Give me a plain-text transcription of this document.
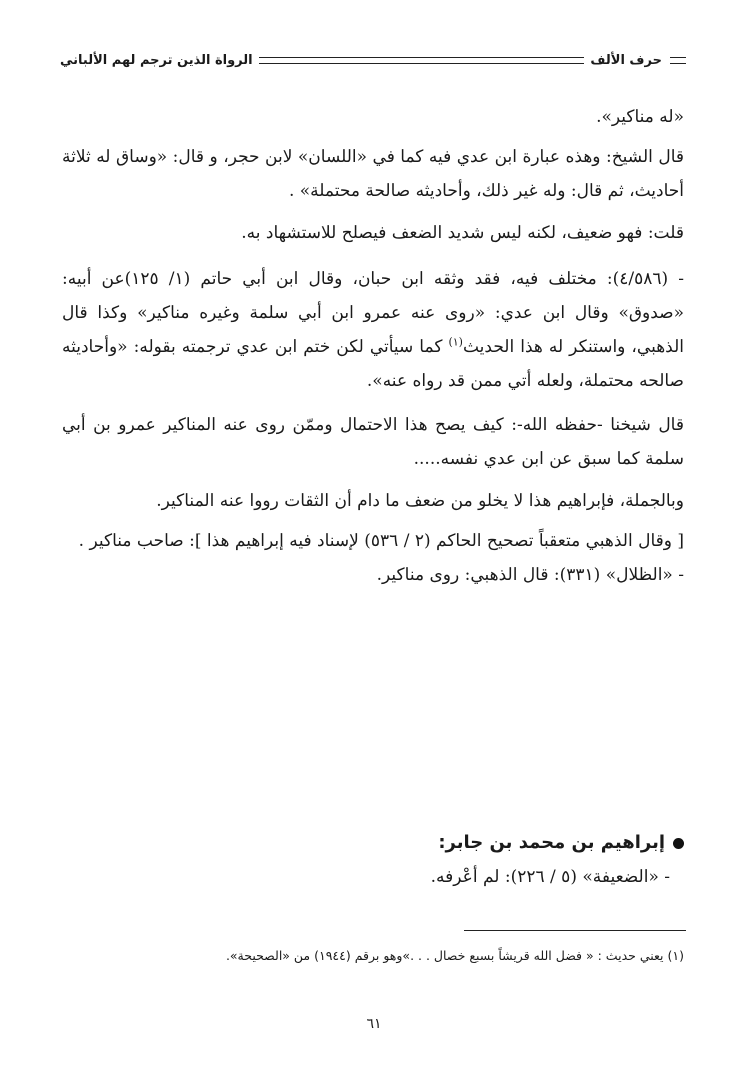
حرف الألف
الرواة الذين ترجم لهم الألباني

«له مناكير».

قال الشيخ: وهذه عبارة ابن عدي فيه كما في «اللسان» لابن حجر، و قال: «وساق له ثلاثة أحاديث، ثم قال: وله غير ذلك، وأحاديثه صالحة محتملة» .

قلت: فهو ضعيف، لكنه ليس شديد الضعف فيصلح للاستشهاد به.

- (٤/٥٨٦): مختلف فيه، فقد وثقه ابن حبان، وقال ابن أبي حاتم (١/ ١٢٥)عن أبيه: «صدوق» وقال ابن عدي: «روى عنه عمرو ابن أبي سلمة وغيره مناكير» وكذا قال الذهبي، واستنكر له هذا الحديث$^{(١)}$ كما سيأتي لكن ختم ابن عدي ترجمته بقوله: «وأحاديثه صالحه محتملة، ولعله أتي ممن قد رواه عنه».

قال شيخنا -حفظه الله-: كيف يصح هذا الاحتمال وممّن روى عنه المناكير عمرو بن أبي سلمة كما سبق عن ابن عدي نفسه.....

وبالجملة، فإبراهيم هذا لا يخلو من ضعف ما دام أن الثقات رووا عنه المناكير.

[ وقال الذهبي متعقباً تصحيح الحاكم (٢ / ٥٣٦) لإسناد فيه إبراهيم هذا ]: صاحب مناكير .

- «الظلال» (٣٣١): قال الذهبي: روى مناكير.

إبراهيم بن محمد بن جابر:
- «الضعيفة» (٥ / ٢٢٦): لم أعْرفه.
(١) يعني حديث : « فضل الله قريشاً بسبع خصال . . .»وهو برقم (١٩٤٤) من «الصحيحة».
٦١
